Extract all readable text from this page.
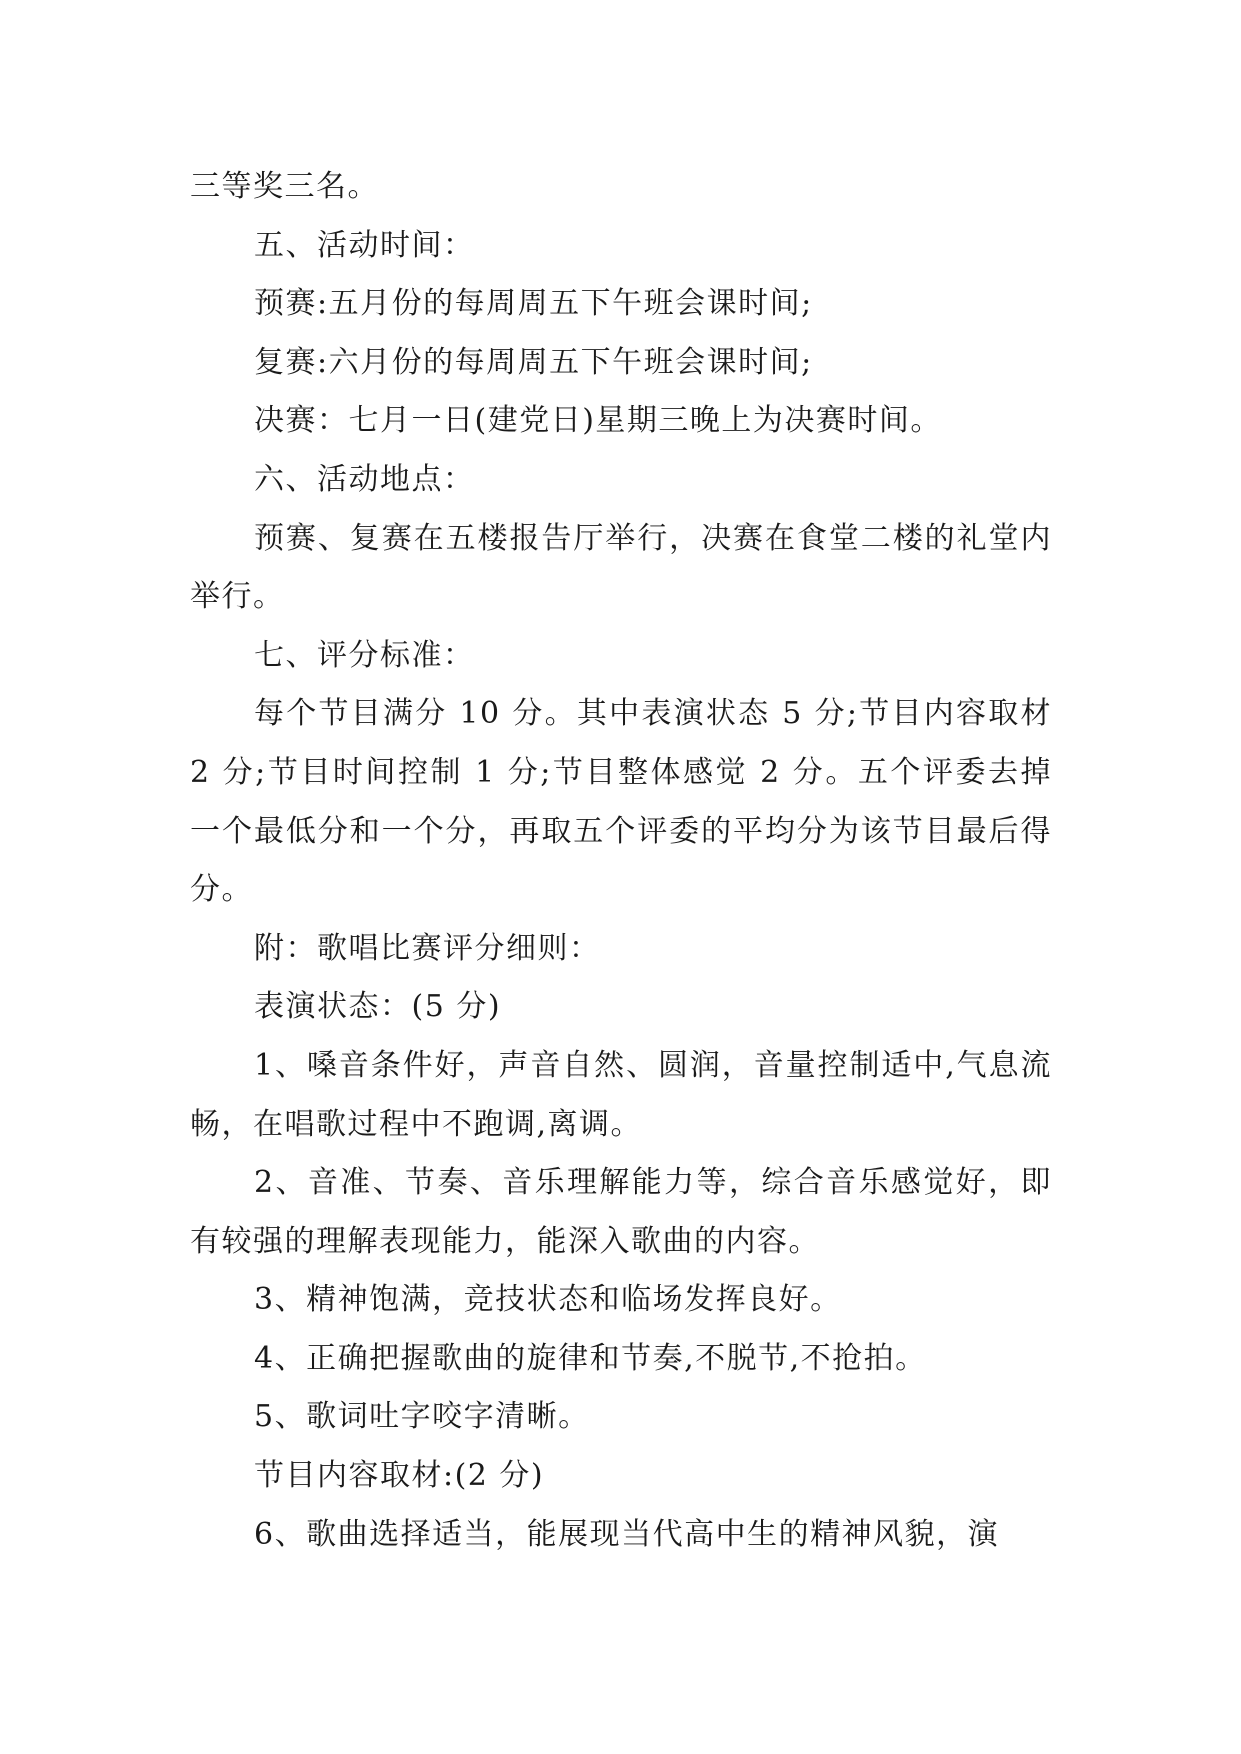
三等奖三名。

五、活动时间：

预赛:五月份的每周周五下午班会课时间;

复赛:六月份的每周周五下午班会课时间;

决赛：七月一日(建党日)星期三晚上为决赛时间。

六、活动地点：

预赛、复赛在五楼报告厅举行，决赛在食堂二楼的礼堂内举行。

七、评分标准：

每个节目满分 10 分。其中表演状态 5 分;节目内容取材 2 分;节目时间控制 1 分;节目整体感觉 2 分。五个评委去掉一个最低分和一个分，再取五个评委的平均分为该节目最后得分。

附：歌唱比赛评分细则：

表演状态：(5 分)

1、嗓音条件好，声音自然、圆润，音量控制适中,气息流畅，在唱歌过程中不跑调,离调。

2、音准、节奏、音乐理解能力等，综合音乐感觉好，即有较强的理解表现能力，能深入歌曲的内容。

3、精神饱满，竞技状态和临场发挥良好。

4、正确把握歌曲的旋律和节奏,不脱节,不抢拍。

5、歌词吐字咬字清晰。

节目内容取材:(2 分)

6、歌曲选择适当，能展现当代高中生的精神风貌，演
